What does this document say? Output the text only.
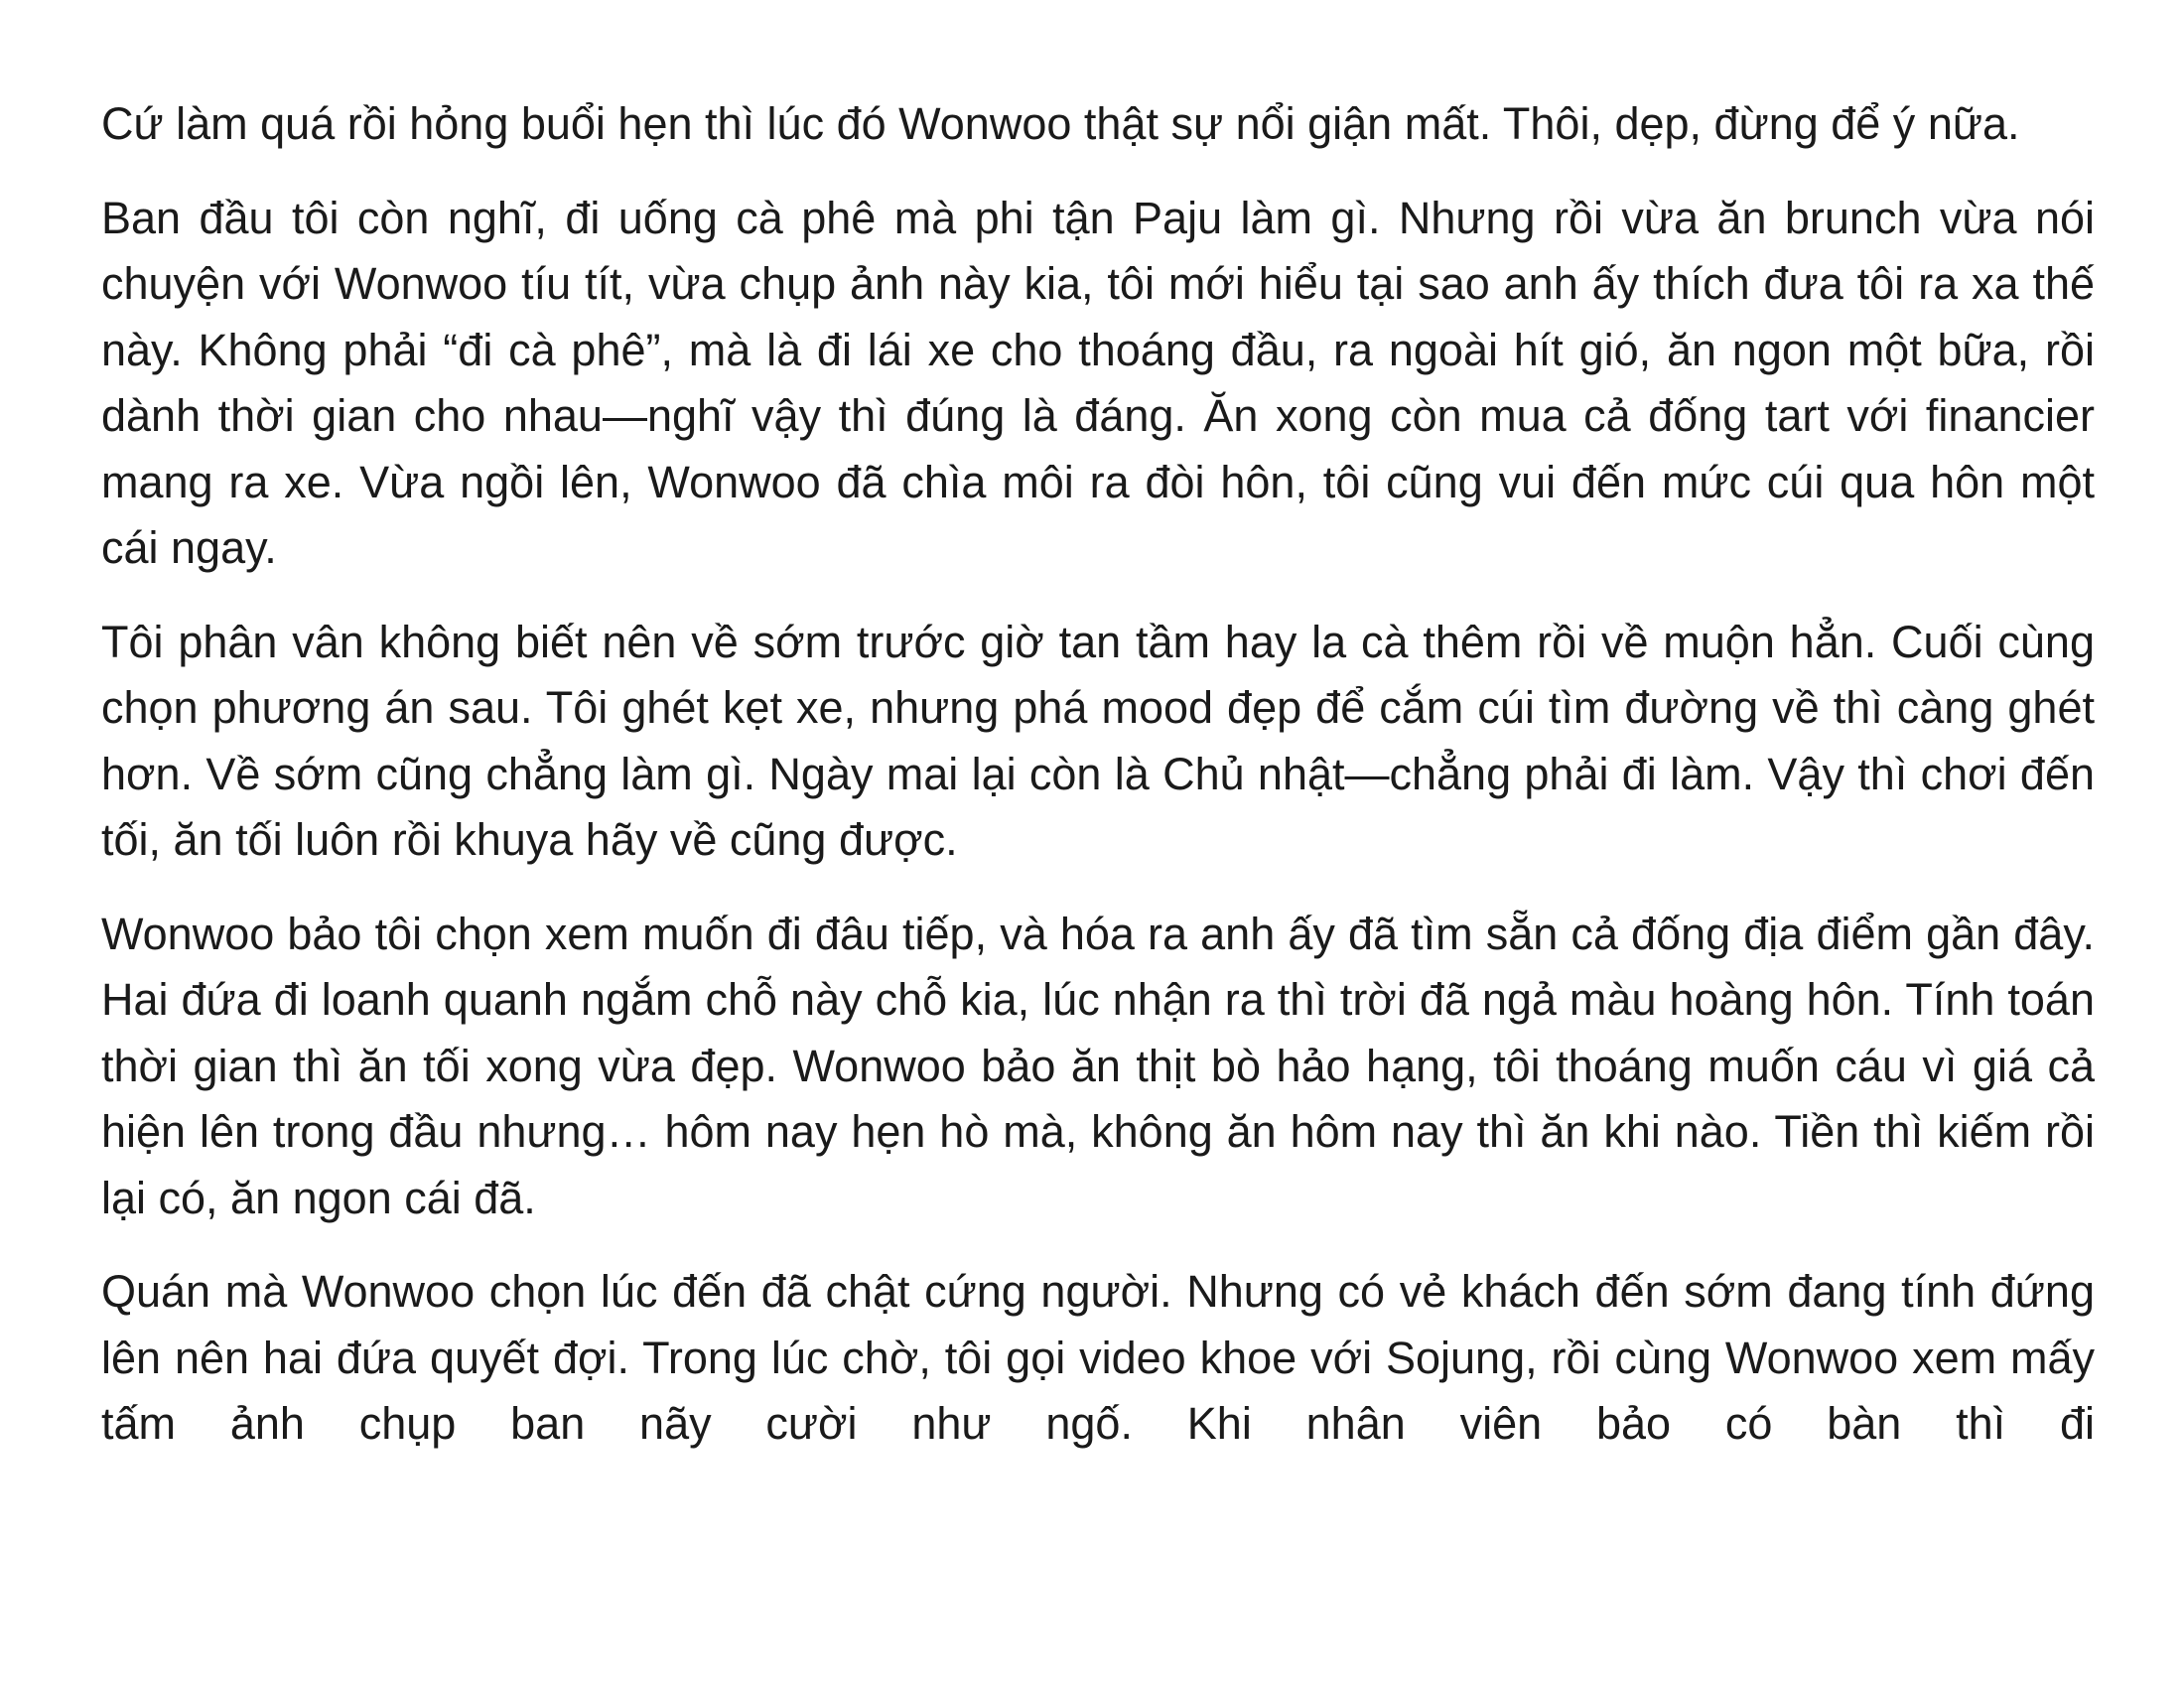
Cứ làm quá rồi hỏng buổi hẹn thì lúc đó Wonwoo thật sự nổi giận mất. Thôi, dẹp, đừng để ý nữa.

Ban đầu tôi còn nghĩ, đi uống cà phê mà phi tận Paju làm gì. Nhưng rồi vừa ăn brunch vừa nói chuyện với Wonwoo tíu tít, vừa chụp ảnh này kia, tôi mới hiểu tại sao anh ấy thích đưa tôi ra xa thế này. Không phải “đi cà phê”, mà là đi lái xe cho thoáng đầu, ra ngoài hít gió, ăn ngon một bữa, rồi dành thời gian cho nhau—nghĩ vậy thì đúng là đáng. Ăn xong còn mua cả đống tart với financier mang ra xe. Vừa ngồi lên, Wonwoo đã chìa môi ra đòi hôn, tôi cũng vui đến mức cúi qua hôn một cái ngay.

Tôi phân vân không biết nên về sớm trước giờ tan tầm hay la cà thêm rồi về muộn hẳn. Cuối cùng chọn phương án sau. Tôi ghét kẹt xe, nhưng phá mood đẹp để cắm cúi tìm đường về thì càng ghét hơn. Về sớm cũng chẳng làm gì. Ngày mai lại còn là Chủ nhật—chẳng phải đi làm. Vậy thì chơi đến tối, ăn tối luôn rồi khuya hãy về cũng được.

Wonwoo bảo tôi chọn xem muốn đi đâu tiếp, và hóa ra anh ấy đã tìm sẵn cả đống địa điểm gần đây. Hai đứa đi loanh quanh ngắm chỗ này chỗ kia, lúc nhận ra thì trời đã ngả màu hoàng hôn. Tính toán thời gian thì ăn tối xong vừa đẹp. Wonwoo bảo ăn thịt bò hảo hạng, tôi thoáng muốn cáu vì giá cả hiện lên trong đầu nhưng… hôm nay hẹn hò mà, không ăn hôm nay thì ăn khi nào. Tiền thì kiếm rồi lại có, ăn ngon cái đã.

Quán mà Wonwoo chọn lúc đến đã chật cứng người. Nhưng có vẻ khách đến sớm đang tính đứng lên nên hai đứa quyết đợi. Trong lúc chờ, tôi gọi video khoe với Sojung, rồi cùng Wonwoo xem mấy tấm ảnh chụp ban nãy cười như ngố. Khi nhân viên bảo có bàn thì đi
